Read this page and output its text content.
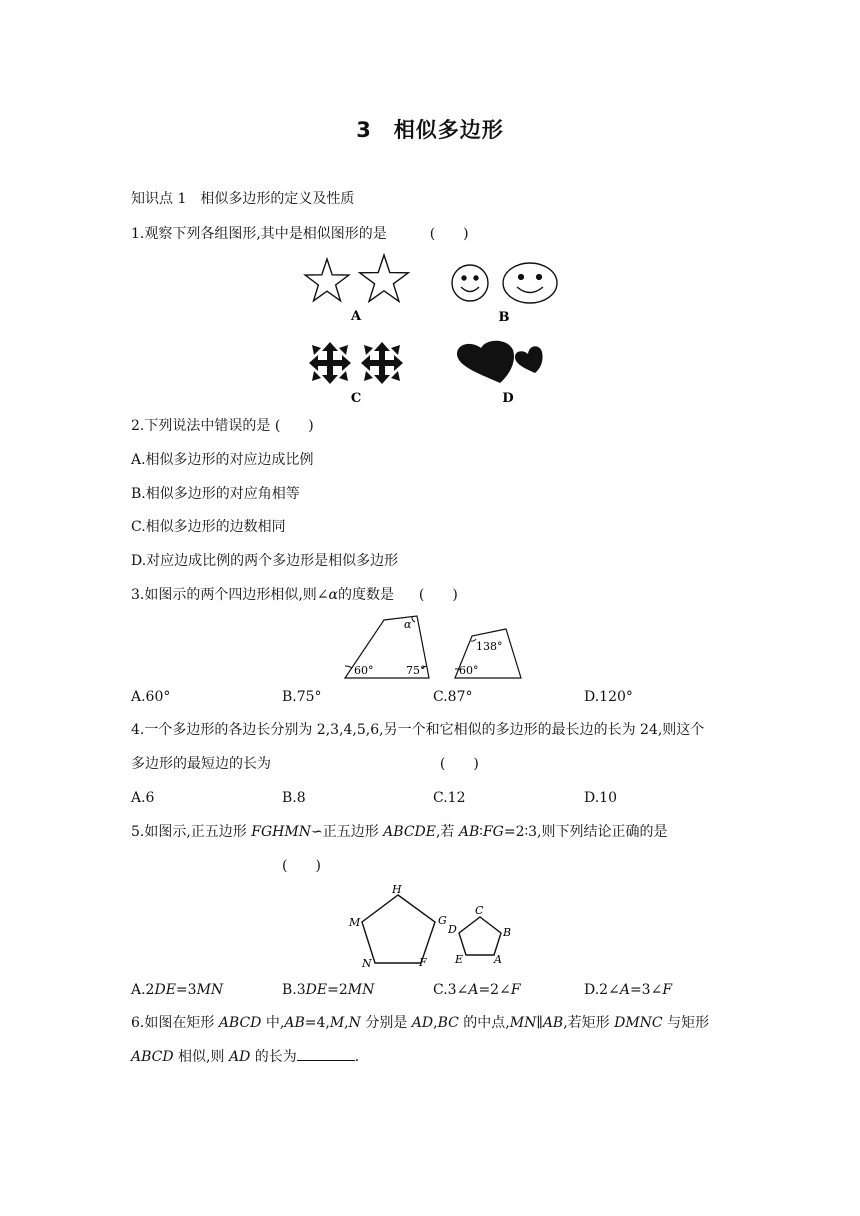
3　相似多边形
知识点 1　相似多边形的定义及性质
1.观察下列各组图形,其中是相似图形的是	(　　)
A	B
C	D
2.下列说法中错误的是 (　　)
A.相似多边形的对应边成比例
B.相似多边形的对应角相等
C.相似多边形的边数相同
D.对应边成比例的两个多边形是相似多边形
3.如图示的两个四边形相似,则∠α的度数是 (　　)
α
60°	75°
138°
60°
A.60°	B.75°	C.87°	D.120°
4.一个多边形的各边长分别为 2,3,4,5,6,另一个和它相似的多边形的最长边的长为 24,则这个
多边形的最短边的长为	(　　)
A.6	B.8	C.12	D.10
5.如图示,正五边形 FGHMN∽正五边形 ABCDE,若 AB∶FG=2∶3,则下列结论正确的是
(　　)
H
G
F
N
M
C
B
A
E
D
A.2DE=3MN	B.3DE=2MN	C.3∠A=2∠F	D.2∠A=3∠F
6.如图在矩形 ABCD 中,AB=4,M,N 分别是 AD,BC 的中点,MN∥AB,若矩形 DMNC 与矩形
ABCD 相似,则 AD 的长为	.
